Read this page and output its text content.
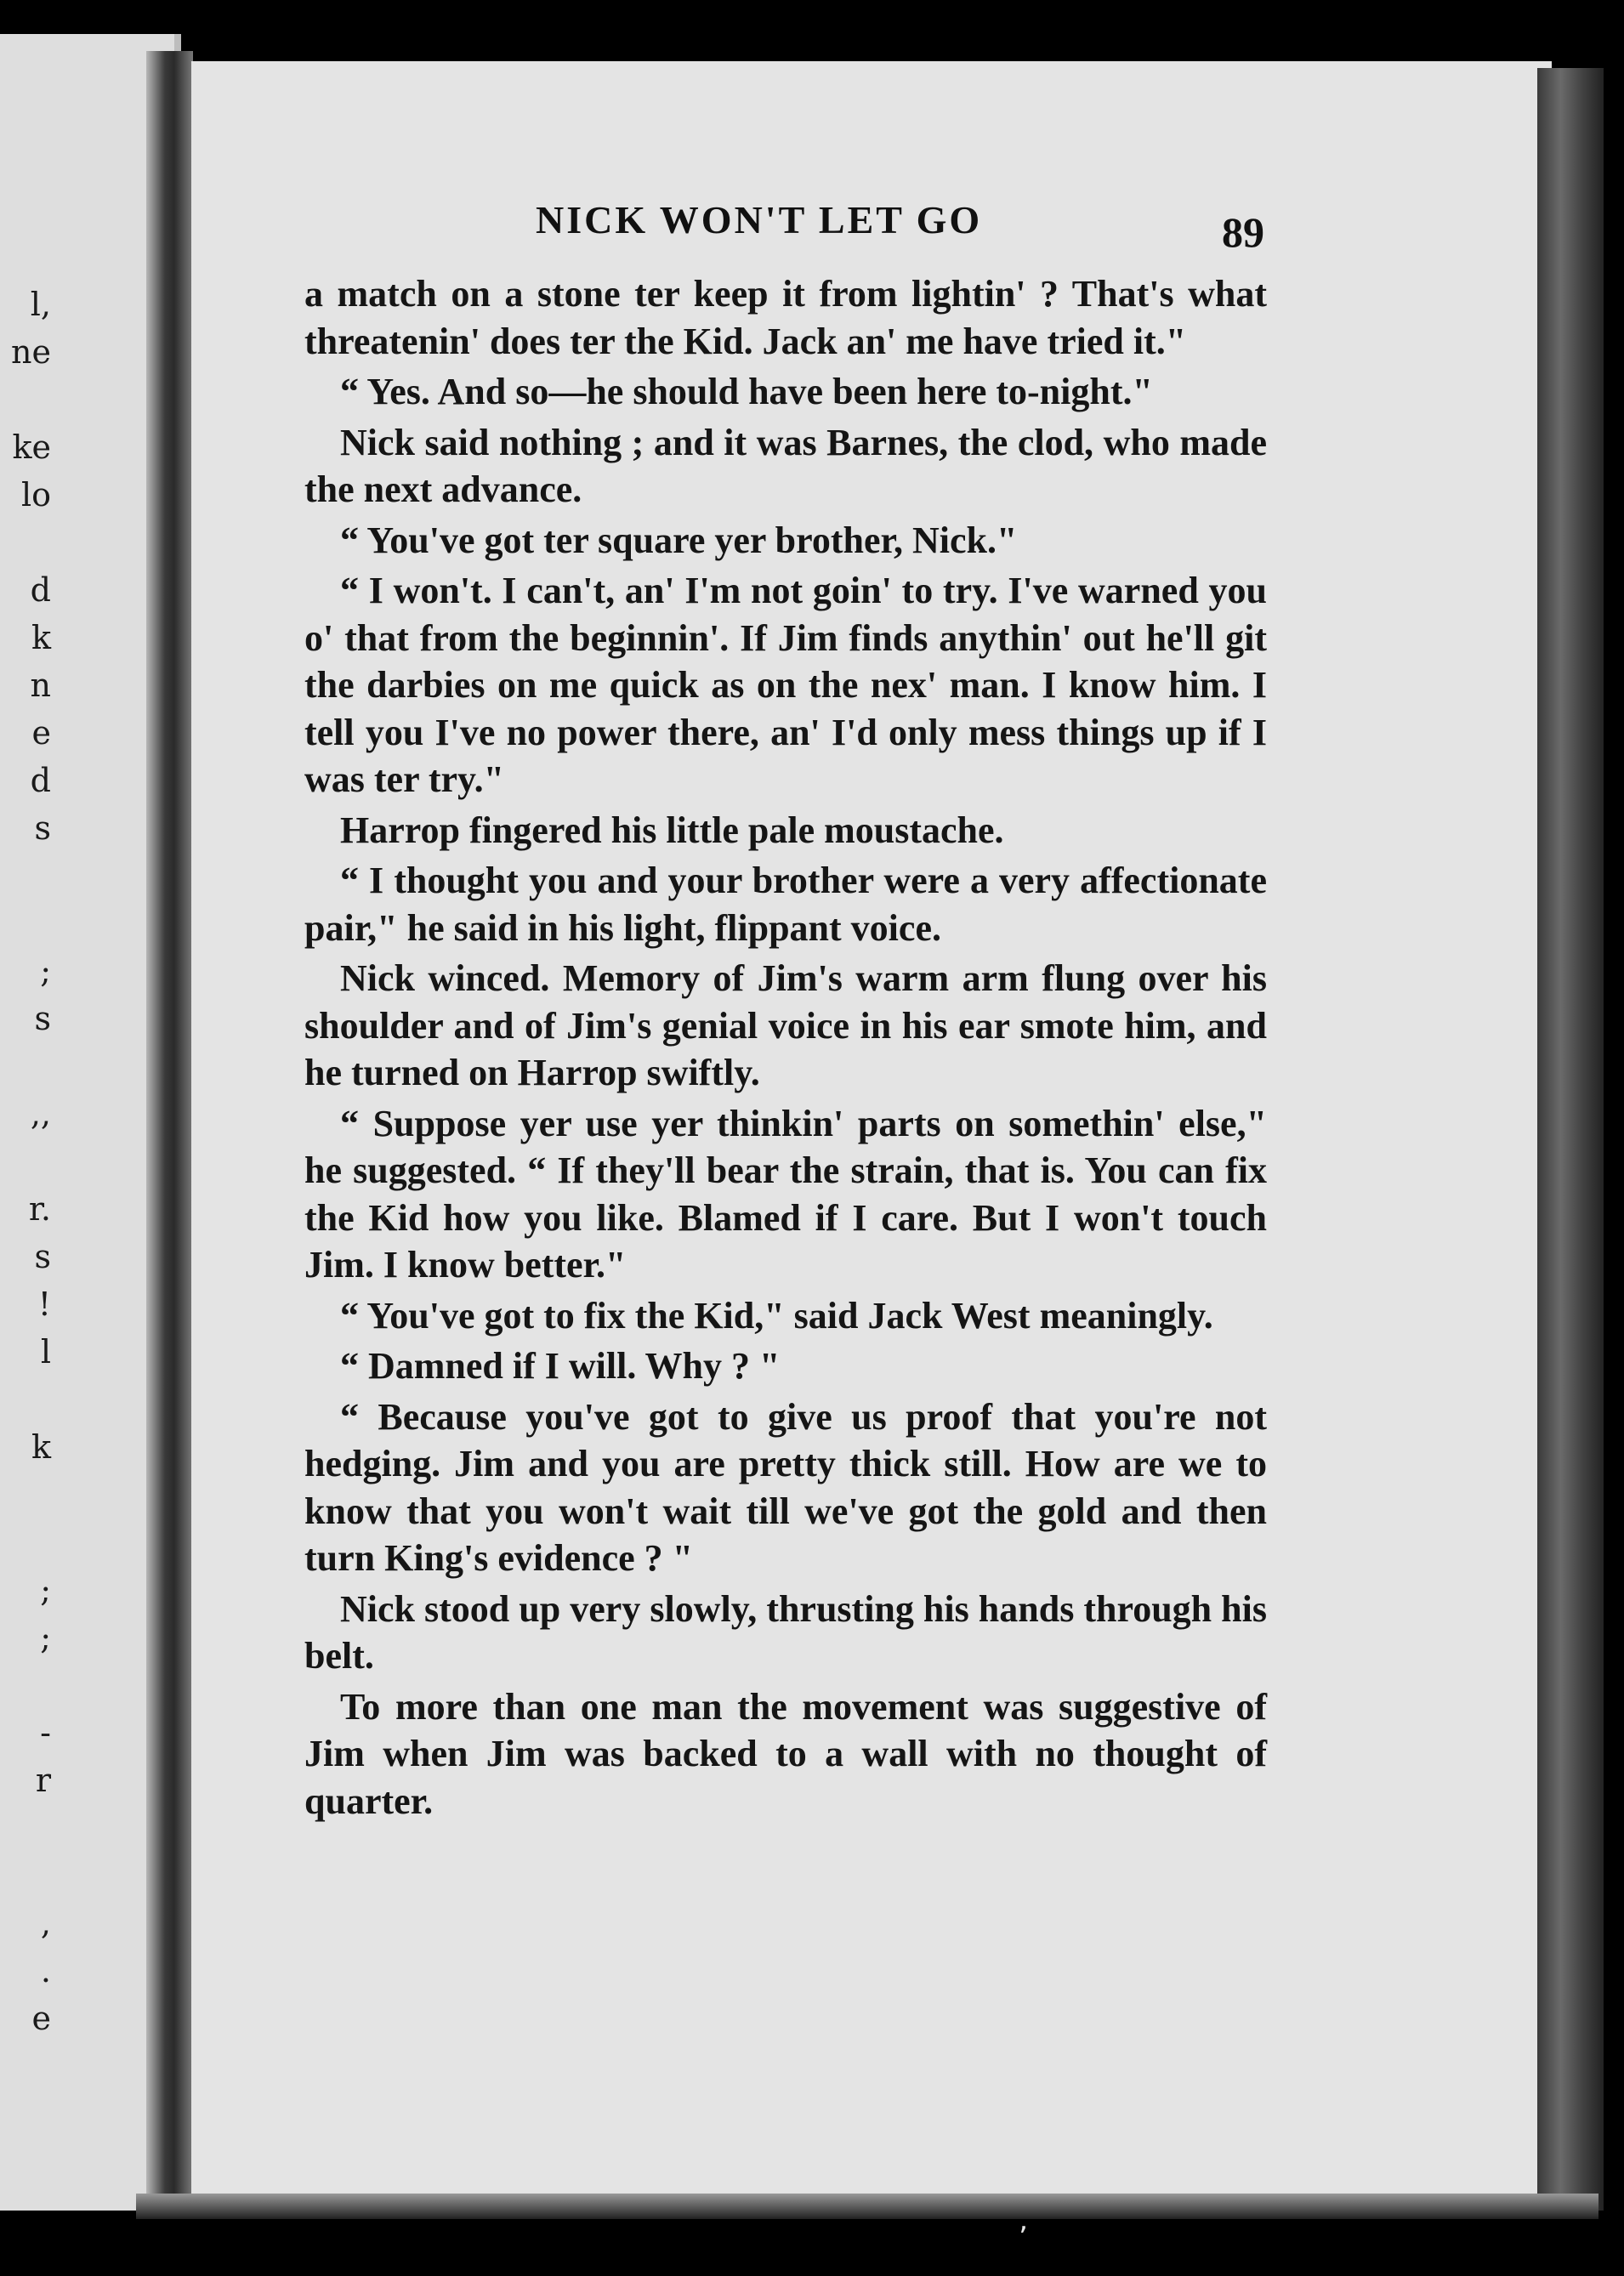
l,
ne
ke
lo
d
k
n
e
d
s
;
s
,,
r.
s
!
l
k
;
;
-
r
,
.
e
NICK WON'T LET GO	89

a match on a stone ter keep it from lightin' ? That's what threatenin' does ter the Kid. Jack an' me have tried it."

“ Yes. And so—he should have been here to-night."

Nick said nothing ; and it was Barnes, the clod, who made the next advance.

“ You've got ter square yer brother, Nick."

“ I won't. I can't, an' I'm not goin' to try. I've warned you o' that from the beginnin'. If Jim finds anythin' out he'll git the darbies on me quick as on the nex' man. I know him. I tell you I've no power there, an' I'd only mess things up if I was ter try."

Harrop fingered his little pale moustache.

“ I thought you and your brother were a very affectionate pair," he said in his light, flippant voice.

Nick winced. Memory of Jim's warm arm flung over his shoulder and of Jim's genial voice in his ear smote him, and he turned on Harrop swiftly.

“ Suppose yer use yer thinkin' parts on somethin' else," he suggested. “ If they'll bear the strain, that is. You can fix the Kid how you like. Blamed if I care. But I won't touch Jim. I know better."

“ You've got to fix the Kid," said Jack West meaningly.

“ Damned if I will. Why ? "

“ Because you've got to give us proof that you're not hedging. Jim and you are pretty thick still. How are we to know that you won't wait till we've got the gold and then turn King's evidence ? "

Nick stood up very slowly, thrusting his hands through his belt.

To more than one man the movement was suggestive of Jim when Jim was backed to a wall with no thought of quarter.

ʼ
